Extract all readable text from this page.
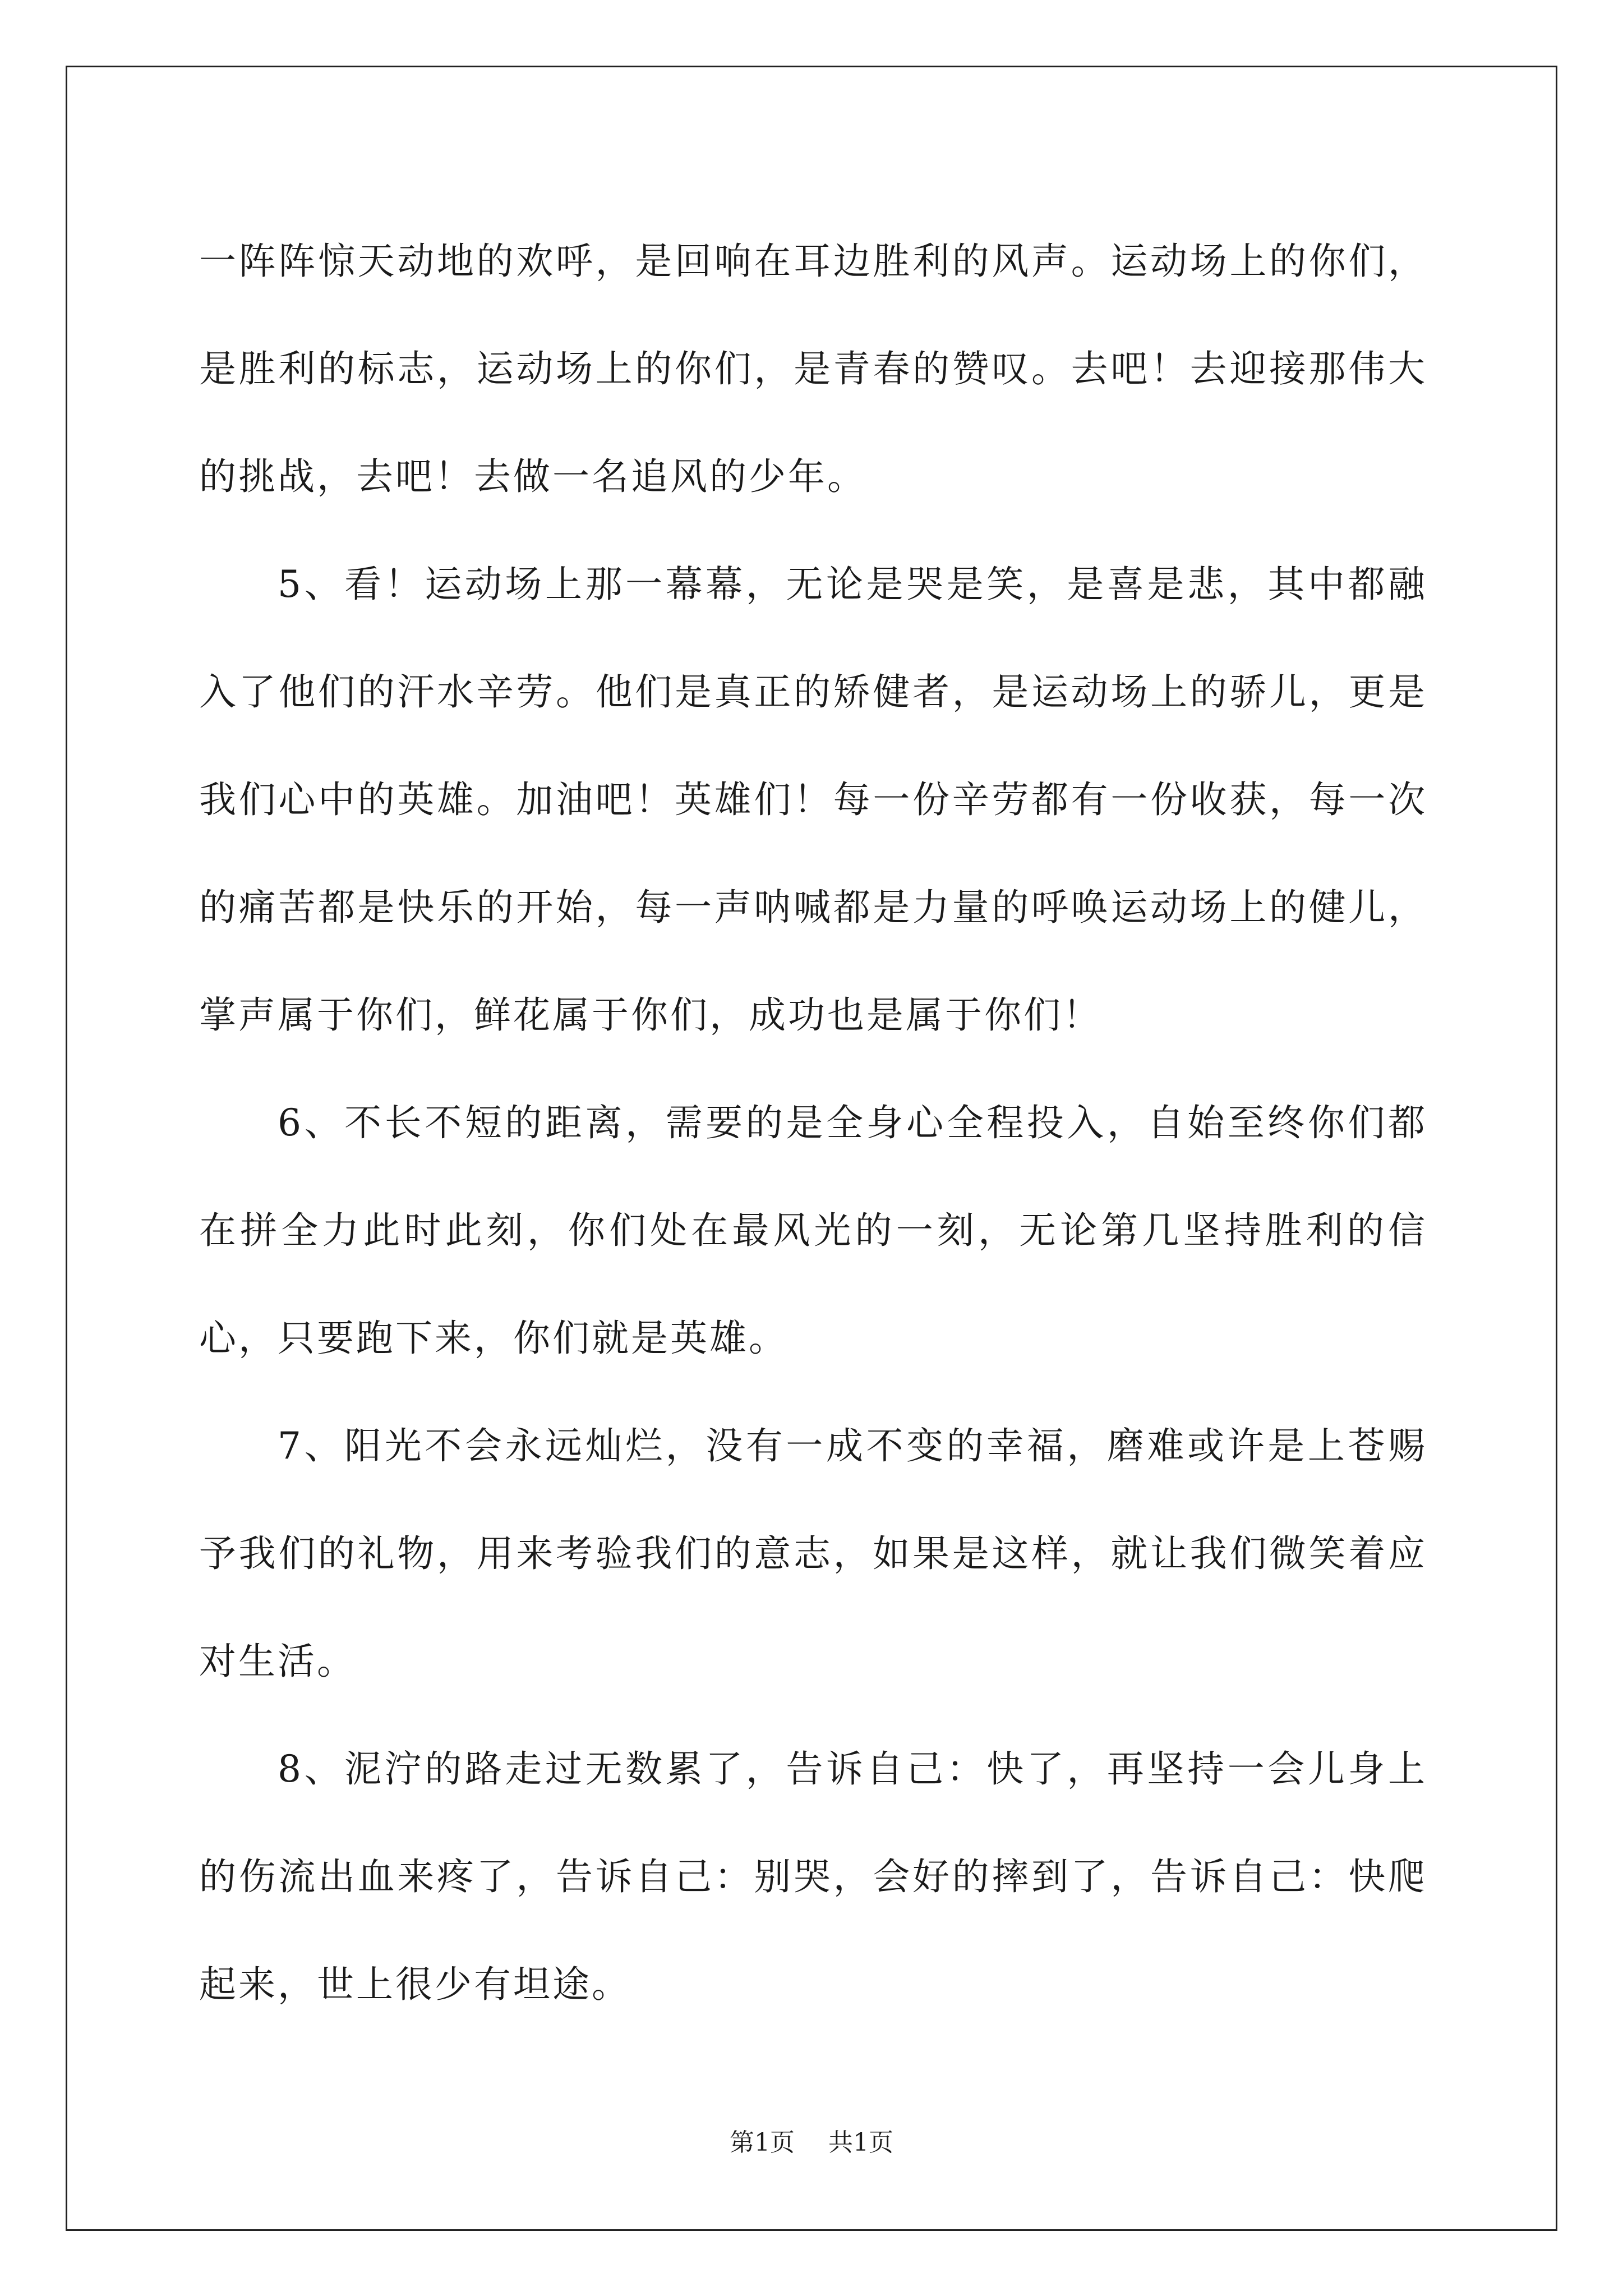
一阵阵惊天动地的欢呼，是回响在耳边胜利的风声。运动场上的你们，是胜利的标志，运动场上的你们，是青春的赞叹。去吧！去迎接那伟大的挑战，去吧！去做一名追风的少年。

5、看！运动场上那一幕幕，无论是哭是笑，是喜是悲，其中都融入了他们的汗水辛劳。他们是真正的矫健者，是运动场上的骄儿，更是我们心中的英雄。加油吧！英雄们！每一份辛劳都有一份收获，每一次的痛苦都是快乐的开始，每一声呐喊都是力量的呼唤运动场上的健儿，掌声属于你们，鲜花属于你们，成功也是属于你们！

6、不长不短的距离，需要的是全身心全程投入，自始至终你们都在拼全力此时此刻，你们处在最风光的一刻，无论第几坚持胜利的信心，只要跑下来，你们就是英雄。

7、阳光不会永远灿烂，没有一成不变的幸福，磨难或许是上苍赐予我们的礼物，用来考验我们的意志，如果是这样，就让我们微笑着应对生活。

8、泥泞的路走过无数累了，告诉自己：快了，再坚持一会儿身上的伤流出血来疼了，告诉自己：别哭，会好的摔到了，告诉自己：快爬起来，世上很少有坦途。

第1页 共1页
